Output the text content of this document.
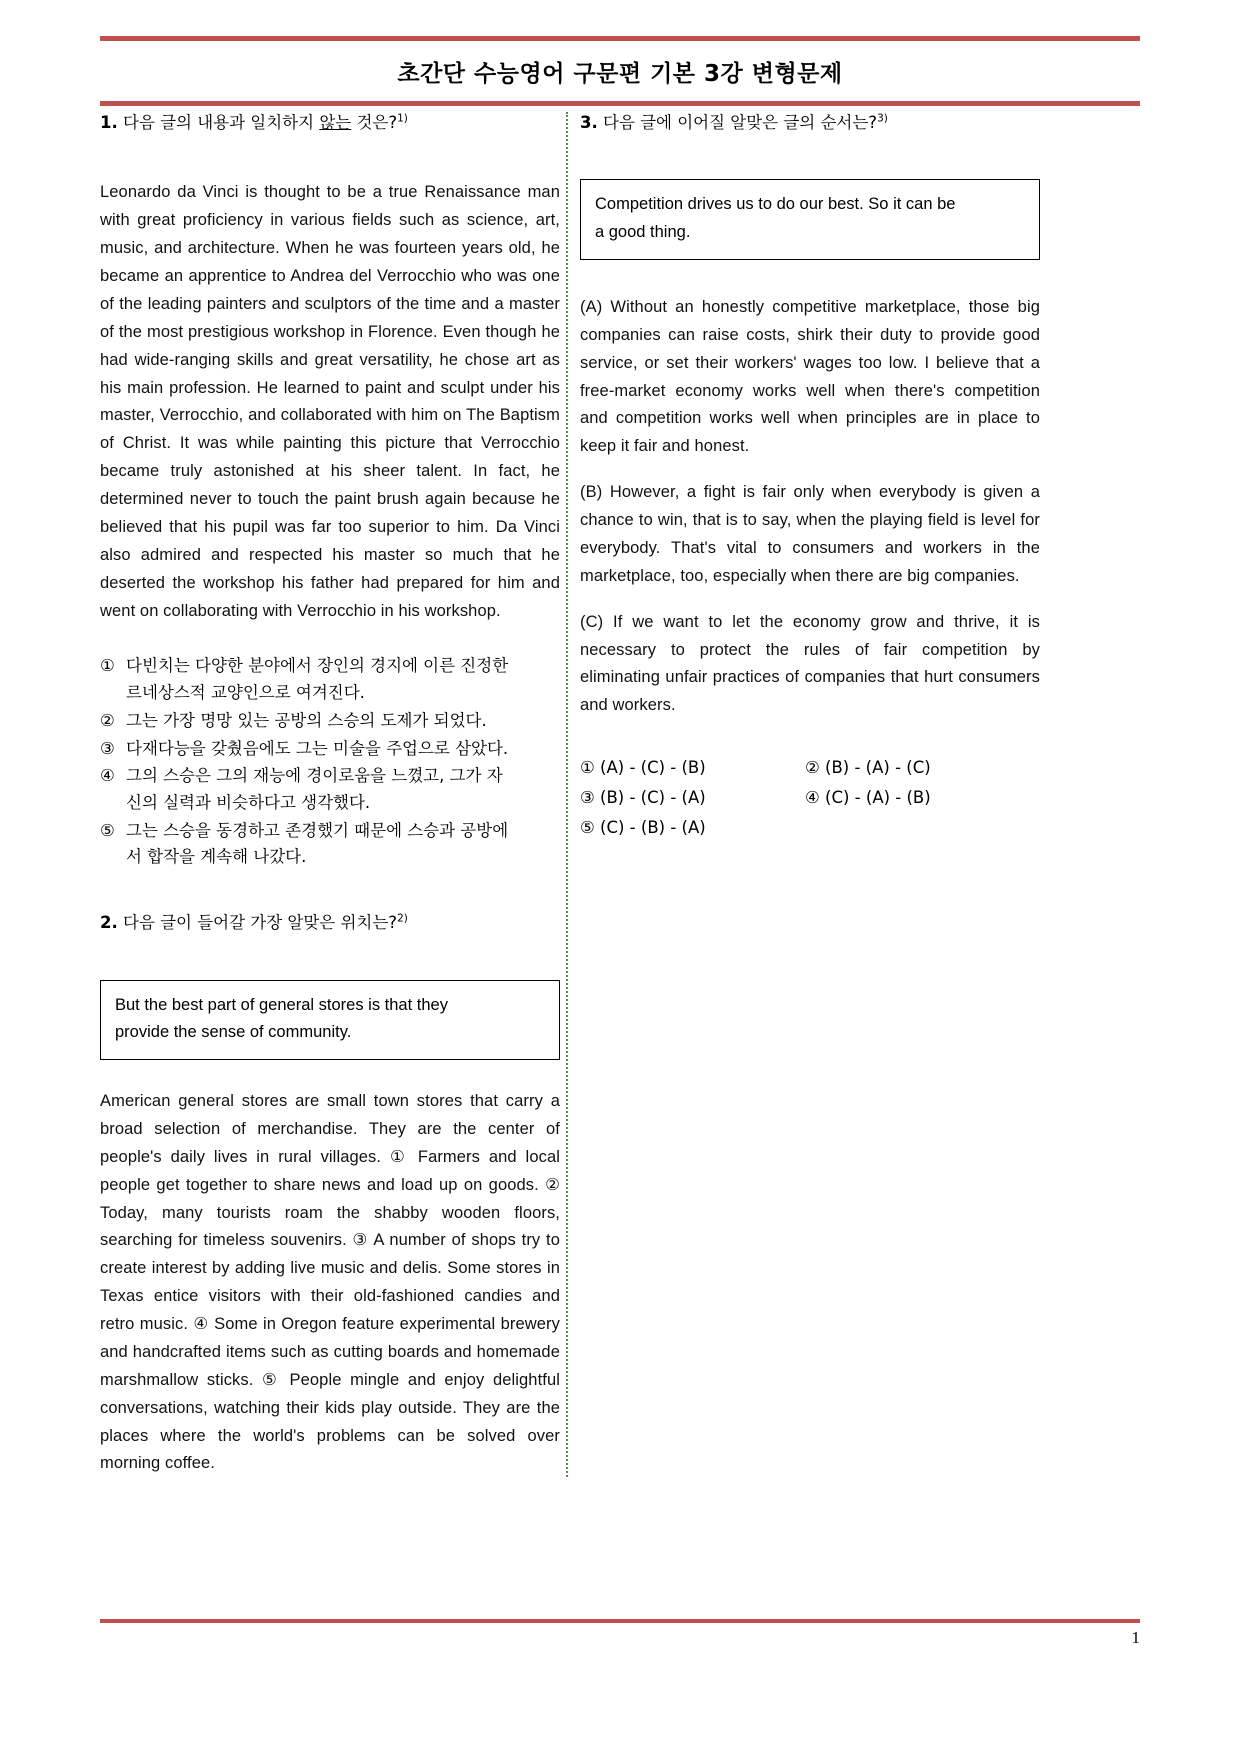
초간단 수능영어 구문편 기본 3강 변형문제
1. 다음 글의 내용과 일치하지 않는 것은?$^{1)}$

Leonardo da Vinci is thought to be a true Renaissance man with great proficiency in various fields such as science, art, music, and architecture. When he was fourteen years old, he became an apprentice to Andrea del Verrocchio who was one of the leading painters and sculptors of the time and a master of the most prestigious workshop in Florence. Even though he had wide-ranging skills and great versatility, he chose art as his main profession. He learned to paint and sculpt under his master, Verrocchio, and collaborated with him on The Baptism of Christ. It was while painting this picture that Verrocchio became truly astonished at his sheer talent. In fact, he determined never to touch the paint brush again because he believed that his pupil was far too superior to him. Da Vinci also admired and respected his master so much that he deserted the workshop his father had prepared for him and went on collaborating with Verrocchio in his workshop.

① 다빈치는 다양한 분야에서 장인의 경지에 이른 진정한
르네상스적 교양인으로 여겨진다.
② 그는 가장 명망 있는 공방의 스승의 도제가 되었다.
③ 다재다능을 갖췄음에도 그는 미술을 주업으로 삼았다.
④ 그의 스승은 그의 재능에 경이로움을 느꼈고, 그가 자
신의 실력과 비슷하다고 생각했다.
⑤ 그는 스승을 동경하고 존경했기 때문에 스승과 공방에
서 합작을 계속해 나갔다.
2. 다음 글이 들어갈 가장 알맞은 위치는?$^{2)}$

But the best part of general stores is that they

provide the sense of community.

American general stores are small town stores that carry a broad selection of merchandise. They are the center of people's daily lives in rural villages. ① Farmers and local people get together to share news and load up on goods. ② Today, many tourists roam the shabby wooden floors, searching for timeless souvenirs. ③ A number of shops try to create interest by adding live music and delis. Some stores in Texas entice visitors with their old-fashioned candies and retro music. ④ Some in Oregon feature experimental brewery and handcrafted items such as cutting boards and homemade marshmallow sticks. ⑤ People mingle and enjoy delightful conversations, watching their kids play outside. They are the places where the world's problems can be solved over morning coffee.

3. 다음 글에 이어질 알맞은 글의 순서는?$^{3)}$

Competition drives us to do our best. So it can be

a good thing.

(A) Without an honestly competitive marketplace, those big companies can raise costs, shirk their duty to provide good service, or set their workers' wages too low. I believe that a free-market economy works well when there's competition and competition works well when principles are in place to keep it fair and honest.

(B) However, a fight is fair only when everybody is given a chance to win, that is to say, when the playing field is level for everybody. That's vital to consumers and workers in the marketplace, too, especially when there are big companies.

(C) If we want to let the economy grow and thrive, it is necessary to protect the rules of fair competition by eliminating unfair practices of companies that hurt consumers and workers.

① (A) - (C) - (B)	② (B) - (A) - (C)
③ (B) - (C) - (A)	④ (C) - (A) - (B)
⑤ (C) - (B) - (A)
1
